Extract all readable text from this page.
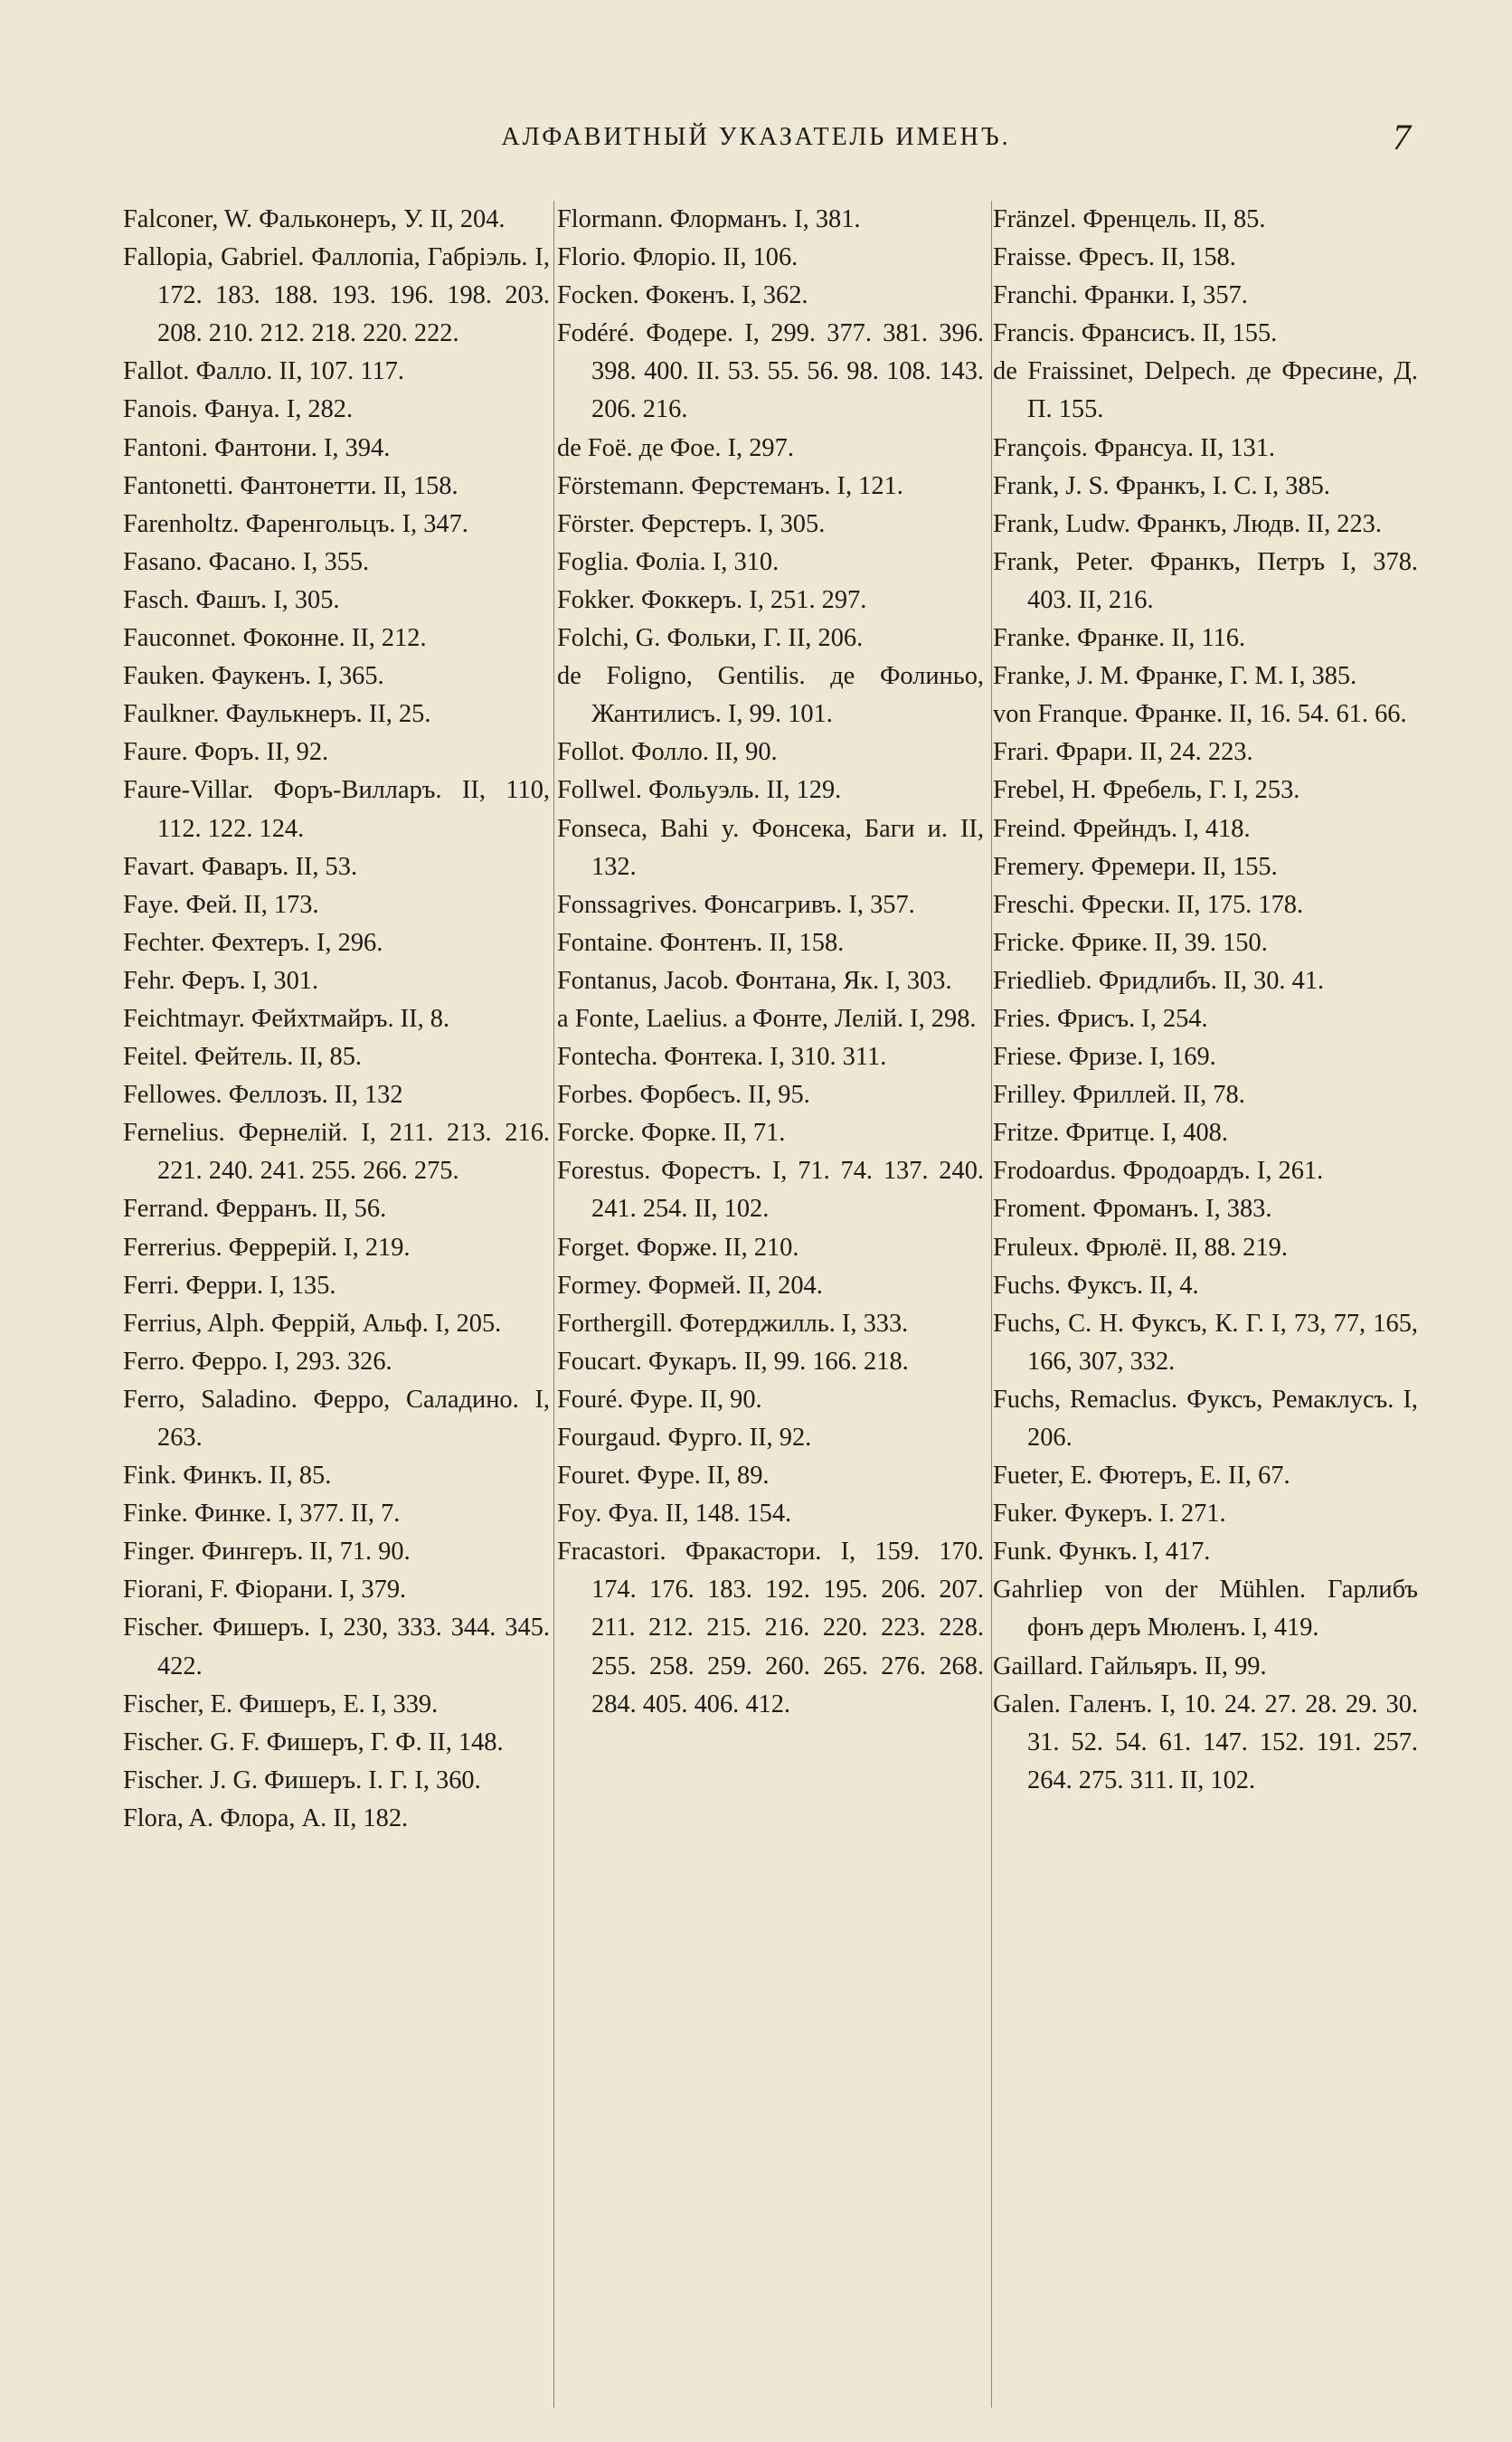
АЛФАВИТНЫЙ УКАЗАТЕЛЬ ИМЕНЪ.	7
Falconer, W. Фальконеръ, У. II, 204.
Fallopia, Gabriel. Фаллопіа, Габріэль. I, 172. 183. 188. 193. 196. 198. 203. 208. 210. 212. 218. 220. 222.
Fallot. Фалло. II, 107. 117.
Fanois. Фануа. I, 282.
Fantoni. Фантони. I, 394.
Fantonetti. Фантонетти. II, 158.
Farenholtz. Фаренгольцъ. I, 347.
Fasano. Фасано. I, 355.
Fasch. Фашъ. I, 305.
Fauconnet. Фоконне. II, 212.
Fauken. Фаукенъ. I, 365.
Faulkner. Фаулькнеръ. II, 25.
Faure. Форъ. II, 92.
Faure-Villar. Форъ-Вилларъ. II, 110, 112. 122. 124.
Favart. Фаваръ. II, 53.
Faye. Фей. II, 173.
Fechter. Фехтеръ. I, 296.
Fehr. Феръ. I, 301.
Feichtmayr. Фейхтмайръ. II, 8.
Feitel. Фейтель. II, 85.
Fellowes. Феллозъ. II, 132
Fernelius. Фернелій. I, 211. 213. 216. 221. 240. 241. 255. 266. 275.
Ferrand. Ферранъ. II, 56.
Ferrerius. Феррерій. I, 219.
Ferri. Ферри. I, 135.
Ferrius, Alph. Феррій, Альф. I, 205.
Ferro. Ферро. I, 293. 326.
Ferro, Saladino. Ферро, Саладино. I, 263.
Fink. Финкъ. II, 85.
Finke. Финке. I, 377. II, 7.
Finger. Фингеръ. II, 71. 90.
Fiorani, F. Фіорани. I, 379.
Fischer. Фишеръ. I, 230, 333. 344. 345. 422.
Fischer, E. Фишеръ, Е. I, 339.
Fischer. G. F. Фишеръ, Г. Ф. II, 148.
Fischer. J. G. Фишеръ. I. Г. I, 360.
Flora, A. Флора, А. II, 182.
Flormann. Флорманъ. I, 381.
Florio. Флоріо. II, 106.
Focken. Фокенъ. I, 362.
Fodéré. Фодере. I, 299. 377. 381. 396. 398. 400. II. 53. 55. 56. 98. 108. 143. 206. 216.
de Foë. де Фое. I, 297.
Förstemann. Ферстеманъ. I, 121.
Förster. Ферстеръ. I, 305.
Foglia. Фоліа. I, 310.
Fokker. Фоккеръ. I, 251. 297.
Folchi, G. Фольки, Г. II, 206.
de Foligno, Gentilis. де Фолиньо, Жантилисъ. I, 99. 101.
Follot. Фолло. II, 90.
Follwel. Фольуэль. II, 129.
Fonseca, Bahi y. Фонсека, Баги и. II, 132.
Fonssagrives. Фонсагривъ. I, 357.
Fontaine. Фонтенъ. II, 158.
Fontanus, Jacob. Фонтана, Як. I, 303.
a Fonte, Laelius. а Фонте, Лелій. I, 298.
Fontecha. Фонтека. I, 310. 311.
Forbes. Форбесъ. II, 95.
Forcke. Форке. II, 71.
Forestus. Форестъ. I, 71. 74. 137. 240. 241. 254. II, 102.
Forget. Форже. II, 210.
Formey. Формей. II, 204.
Forthergill. Фотерджилль. I, 333.
Foucart. Фукаръ. II, 99. 166. 218.
Fouré. Фуре. II, 90.
Fourgaud. Фурго. II, 92.
Fouret. Фуре. II, 89.
Foy. Фуа. II, 148. 154.
Fracastori. Фракастори. I, 159. 170. 174. 176. 183. 192. 195. 206. 207. 211. 212. 215. 216. 220. 223. 228. 255. 258. 259. 260. 265. 276. 268. 284. 405. 406. 412.
Fränzel. Френцель. II, 85.
Fraisse. Фресъ. II, 158.
Franchi. Франки. I, 357.
Francis. Франсисъ. II, 155.
de Fraissinet, Delpech. де Фресине, Д. П. 155.
François. Франсуа. II, 131.
Frank, J. S. Франкъ, I. С. I, 385.
Frank, Ludw. Франкъ, Людв. II, 223.
Frank, Peter. Франкъ, Петръ I, 378. 403. II, 216.
Franke. Франке. II, 116.
Franke, J. M. Франке, Г. М. I, 385.
von Franque. Франке. II, 16. 54. 61. 66.
Frari. Фрари. II, 24. 223.
Frebel, H. Фребель, Г. I, 253.
Freind. Фрейндъ. I, 418.
Fremery. Фремери. II, 155.
Freschi. Фрески. II, 175. 178.
Fricke. Фрике. II, 39. 150.
Friedlieb. Фридлибъ. II, 30. 41.
Fries. Фрисъ. I, 254.
Friese. Фризе. I, 169.
Frilley. Фриллей. II, 78.
Fritze. Фритце. I, 408.
Frodoardus. Фродоардъ. I, 261.
Froment. Фроманъ. I, 383.
Fruleux. Фрюлё. II, 88. 219.
Fuchs. Фуксъ. II, 4.
Fuchs, C. H. Фуксъ, К. Г. I, 73, 77, 165, 166, 307, 332.
Fuchs, Remaclus. Фуксъ, Ремаклусъ. I, 206.
Fueter, E. Фютеръ, Е. II, 67.
Fuker. Фукеръ. I. 271.
Funk. Функъ. I, 417.
Gahrliep von der Mühlen. Гарлибъ фонъ деръ Мюленъ. I, 419.
Gaillard. Гайльяръ. II, 99.
Galen. Галенъ. I, 10. 24. 27. 28. 29. 30. 31. 52. 54. 61. 147. 152. 191. 257. 264. 275. 311. II, 102.
